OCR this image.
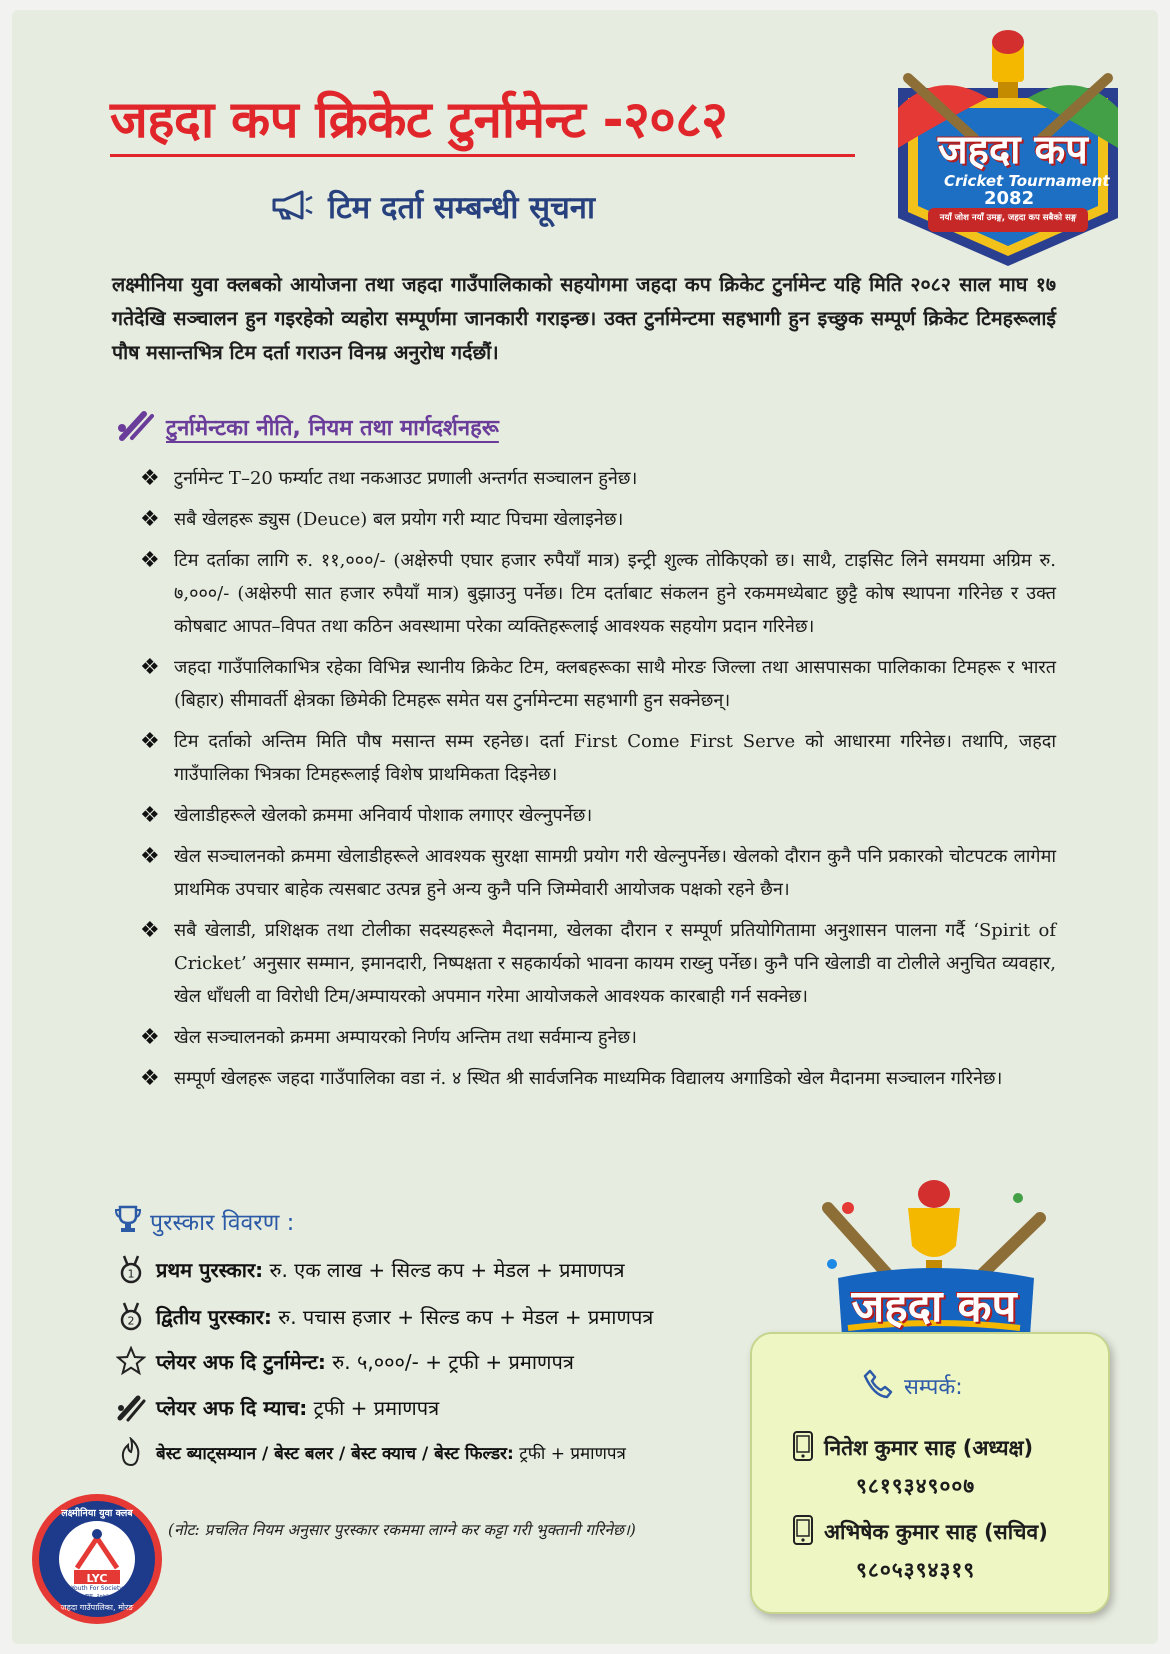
जहदा कप क्रिकेट टुर्नामेन्ट -२०८२
टिम दर्ता सम्बन्धी सूचना
जहदा कप
Cricket Tournament
2082
नयाँ जोश नयाँ उमङ्ग, जहदा कप सबैको सङ्ग
लक्ष्मीनिया युवा क्लबको आयोजना तथा जहदा गाउँपालिकाको सहयोगमा जहदा कप क्रिकेट टुर्नामेन्ट यहि मिति २०८२ साल माघ १७ गतेदेखि सञ्चालन हुन गइरहेको व्यहोरा सम्पूर्णमा जानकारी गराइन्छ। उक्त टुर्नामेन्टमा सहभागी हुन इच्छुक सम्पूर्ण क्रिकेट टिमहरूलाई पौष मसान्तभित्र टिम दर्ता गराउन विनम्र अनुरोध गर्दछौं।
टुर्नामेन्टका नीति, नियम तथा मार्गदर्शनहरू
❖ टुर्नामेन्ट T–20 फर्म्याट तथा नकआउट प्रणाली अन्तर्गत सञ्चालन हुनेछ।
❖ सबै खेलहरू ड्युस (Deuce) बल प्रयोग गरी म्याट पिचमा खेलाइनेछ।
❖ टिम दर्ताका लागि रु. ११,०००/- (अक्षेरुपी एघार हजार रुपैयाँ मात्र) इन्ट्री शुल्क तोकिएको छ। साथै, टाइसिट लिने समयमा अग्रिम रु. ७,०००/- (अक्षेरुपी सात हजार रुपैयाँ मात्र) बुझाउनु पर्नेछ। टिम दर्ताबाट संकलन हुने रकममध्येबाट छुट्टै कोष स्थापना गरिनेछ र उक्त कोषबाट आपत–विपत तथा कठिन अवस्थामा परेका व्यक्तिहरूलाई आवश्यक सहयोग प्रदान गरिनेछ।
❖ जहदा गाउँपालिकाभित्र रहेका विभिन्न स्थानीय क्रिकेट टिम, क्लबहरूका साथै मोरङ जिल्ला तथा आसपासका पालिकाका टिमहरू र भारत (बिहार) सीमावर्ती क्षेत्रका छिमेकी टिमहरू समेत यस टुर्नामेन्टमा सहभागी हुन सक्नेछन्।
❖ टिम दर्ताको अन्तिम मिति पौष मसान्त सम्म रहनेछ। दर्ता First Come First Serve को आधारमा गरिनेछ। तथापि, जहदा गाउँपालिका भित्रका टिमहरूलाई विशेष प्राथमिकता दिइनेछ।
❖ खेलाडीहरूले खेलको क्रममा अनिवार्य पोशाक लगाएर खेल्नुपर्नेछ।
❖ खेल सञ्चालनको क्रममा खेलाडीहरूले आवश्यक सुरक्षा सामग्री प्रयोग गरी खेल्नुपर्नेछ। खेलको दौरान कुनै पनि प्रकारको चोटपटक लागेमा प्राथमिक उपचार बाहेक त्यसबाट उत्पन्न हुने अन्य कुनै पनि जिम्मेवारी आयोजक पक्षको रहने छैन।
❖ सबै खेलाडी, प्रशिक्षक तथा टोलीका सदस्यहरूले मैदानमा, खेलका दौरान र सम्पूर्ण प्रतियोगितामा अनुशासन पालना गर्दै ‘Spirit of Cricket’ अनुसार सम्मान, इमानदारी, निष्पक्षता र सहकार्यको भावना कायम राख्नु पर्नेछ। कुनै पनि खेलाडी वा टोलीले अनुचित व्यवहार, खेल धाँधली वा विरोधी टिम/अम्पायरको अपमान गरेमा आयोजकले आवश्यक कारबाही गर्न सक्नेछ।
❖ खेल सञ्चालनको क्रममा अम्पायरको निर्णय अन्तिम तथा सर्वमान्य हुनेछ।
❖ सम्पूर्ण खेलहरू जहदा गाउँपालिका वडा नं. ४ स्थित श्री सार्वजनिक माध्यमिक विद्यालय अगाडिको खेल मैदानमा सञ्चालन गरिनेछ।
पुरस्कार विवरण :
1 प्रथम पुरस्कार: रु. एक लाख + सिल्ड कप + मेडल + प्रमाणपत्र
2 द्वितीय पुरस्कार: रु. पचास हजार + सिल्ड कप + मेडल + प्रमाणपत्र
प्लेयर अफ दि टुर्नामेन्ट: रु. ५,०००/- + ट्रफी + प्रमाणपत्र
प्लेयर अफ दि म्याच: ट्रफी + प्रमाणपत्र
बेस्ट ब्याट्सम्यान / बेस्ट बलर / बेस्ट क्याच / बेस्ट फिल्डर: ट्रफी + प्रमाणपत्र
(नोट: प्रचलित नियम अनुसार पुरस्कार रकममा लाग्ने कर कट्टा गरी भुक्तानी गरिनेछ।)
LYC
Youth For Society
लक्ष्मीनिया युवा क्लब
स्था. २०७९
जहदा गाउँपालिका, मोरङ
जहदा कप
सम्पर्क:
नितेश कुमार साह (अध्यक्ष)
९८१९३४९००७
अभिषेक कुमार साह (सचिव)
९८०५३९४३१९
